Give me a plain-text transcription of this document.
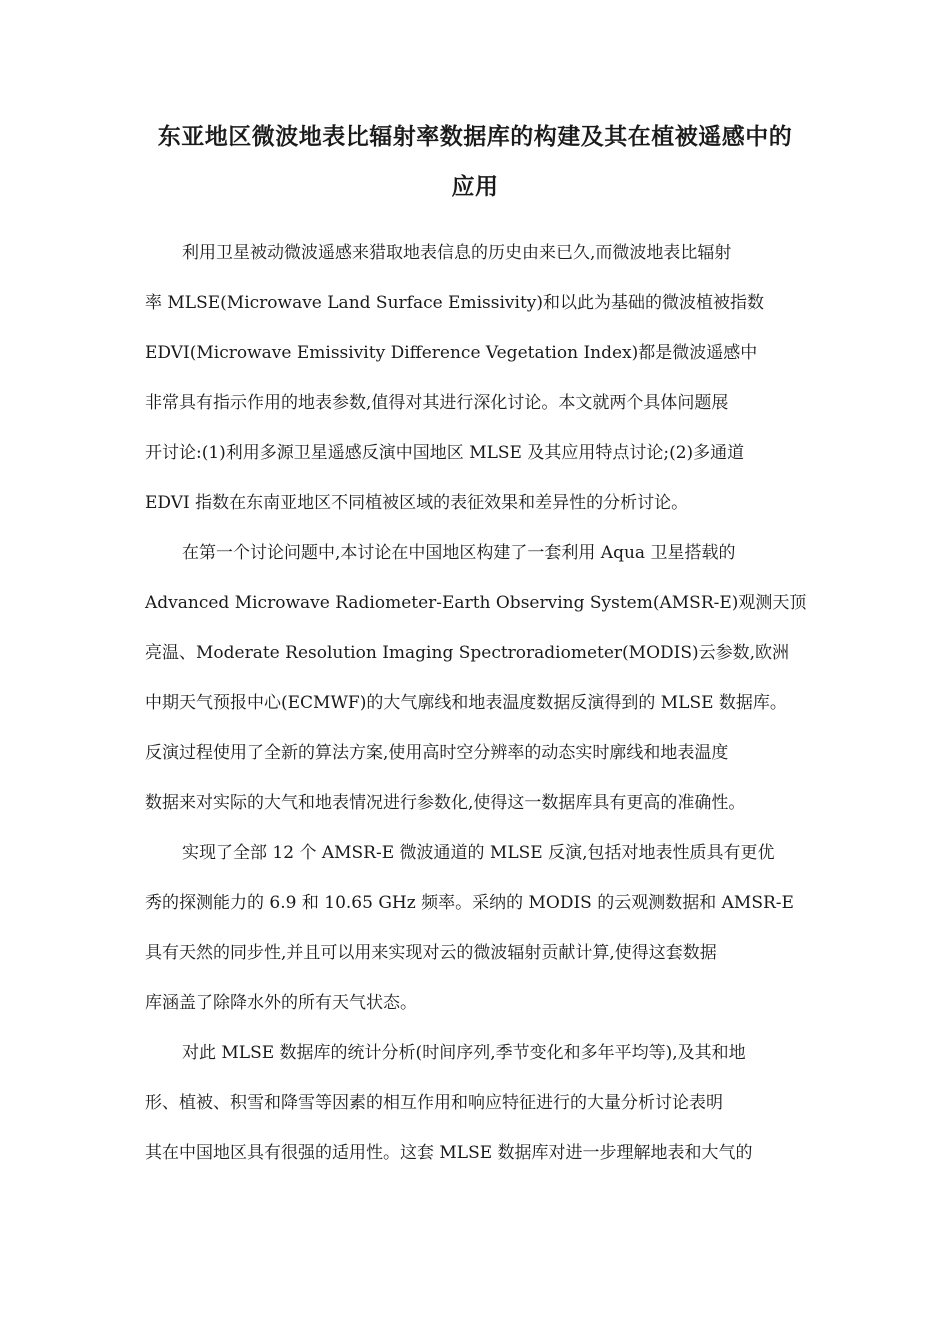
东亚地区微波地表比辐射率数据库的构建及其在植被遥感中的
应用
利用卫星被动微波遥感来猎取地表信息的历史由来已久,而微波地表比辐射
率 MLSE(Microwave Land Surface Emissivity)和以此为基础的微波植被指数
EDVI(Microwave Emissivity Difference Vegetation Index)都是微波遥感中
非常具有指示作用的地表参数,值得对其进行深化讨论。本文就两个具体问题展
开讨论:(1)利用多源卫星遥感反演中国地区 MLSE 及其应用特点讨论;(2)多通道
EDVI 指数在东南亚地区不同植被区域的表征效果和差异性的分析讨论。
在第一个讨论问题中,本讨论在中国地区构建了一套利用 Aqua 卫星搭载的
Advanced Microwave Radiometer-Earth Observing System(AMSR-E)观测天顶
亮温、Moderate Resolution Imaging Spectroradiometer(MODIS)云参数,欧洲
中期天气预报中心(ECMWF)的大气廓线和地表温度数据反演得到的 MLSE 数据库。
反演过程使用了全新的算法方案,使用高时空分辨率的动态实时廓线和地表温度
数据来对实际的大气和地表情况进行参数化,使得这一数据库具有更高的准确性。
实现了全部 12 个 AMSR-E 微波通道的 MLSE 反演,包括对地表性质具有更优
秀的探测能力的 6.9 和 10.65 GHz 频率。采纳的 MODIS 的云观测数据和 AMSR-E
具有天然的同步性,并且可以用来实现对云的微波辐射贡献计算,使得这套数据
库涵盖了除降水外的所有天气状态。
对此 MLSE 数据库的统计分析(时间序列,季节变化和多年平均等),及其和地
形、植被、积雪和降雪等因素的相互作用和响应特征进行的大量分析讨论表明
其在中国地区具有很强的适用性。这套 MLSE 数据库对进一步理解地表和大气的
